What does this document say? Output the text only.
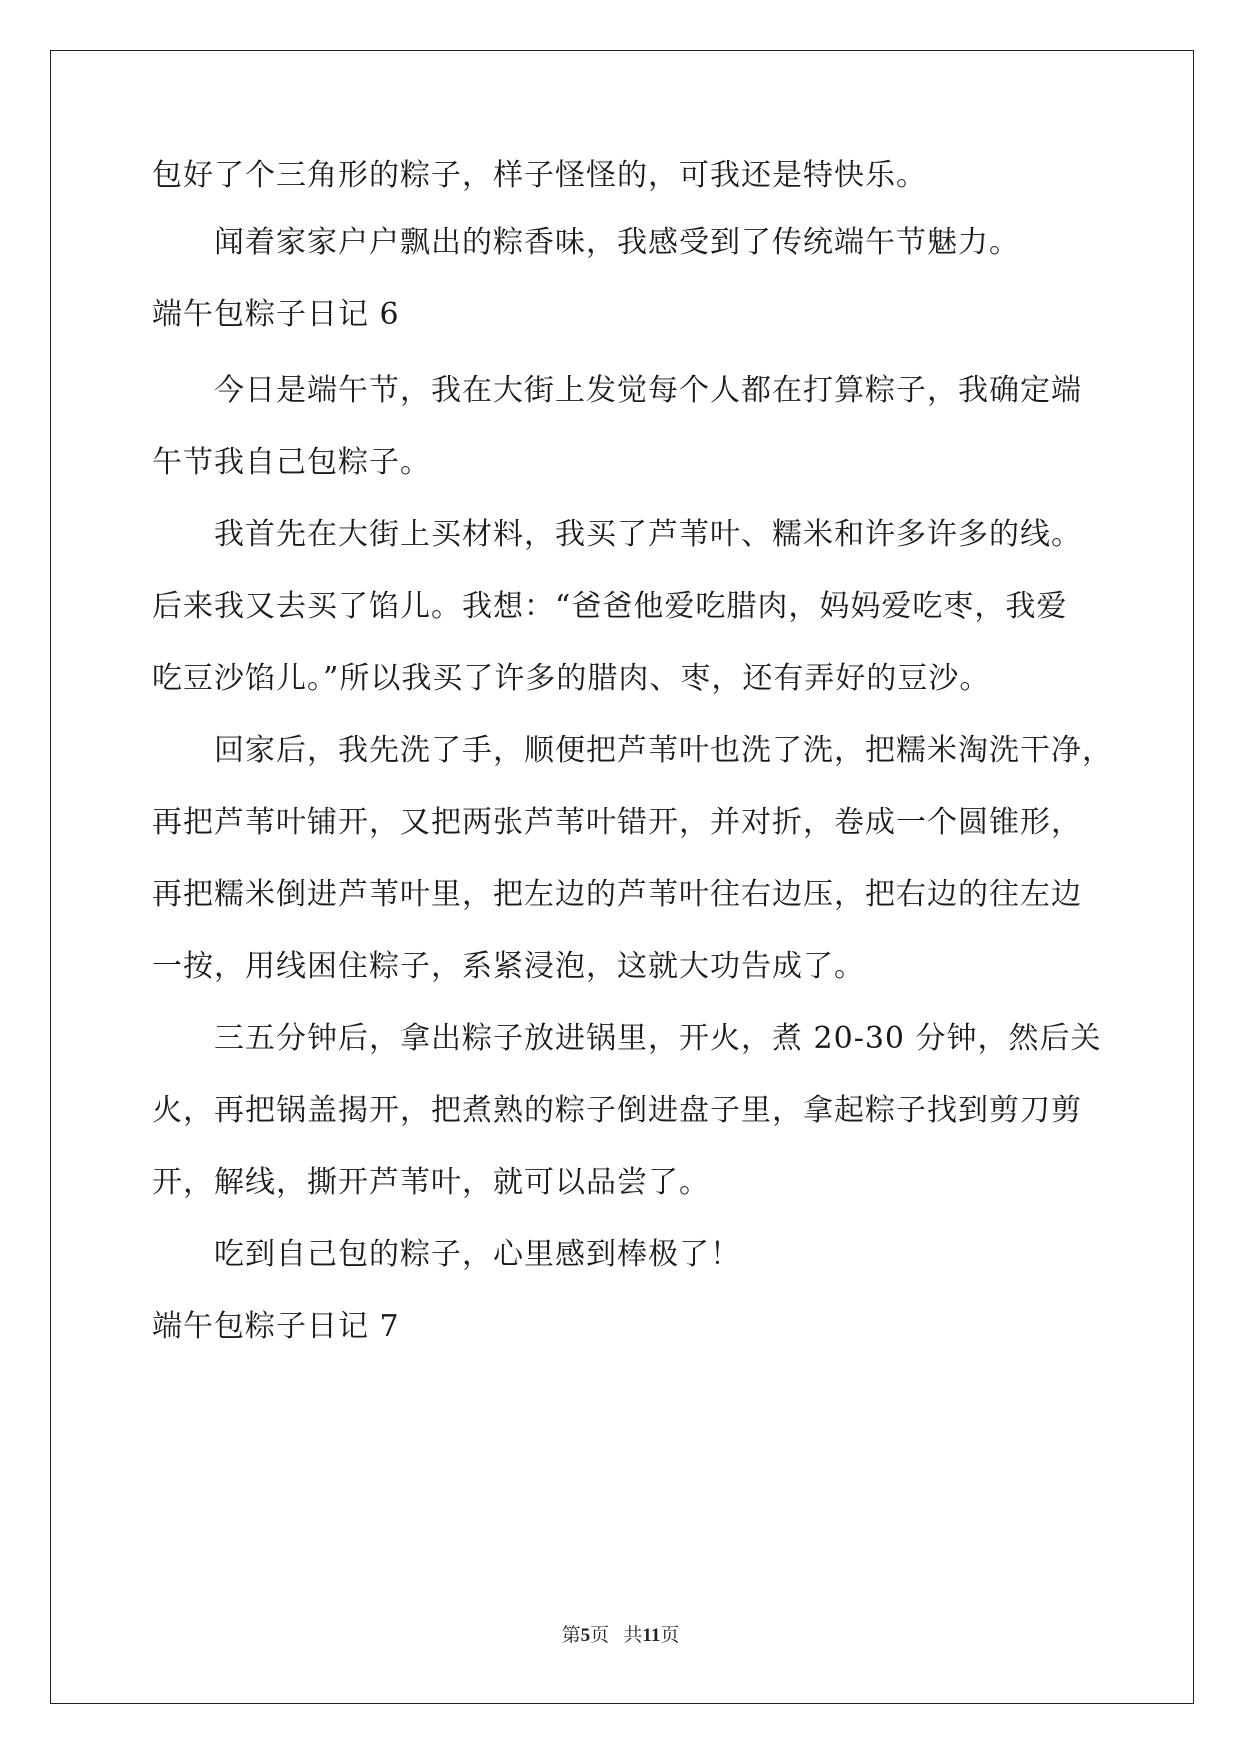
包好了个三角形的粽子，样子怪怪的，可我还是特快乐。
闻着家家户户飘出的粽香味，我感受到了传统端午节魅力。
端午包粽子日记 6
今日是端午节，我在大街上发觉每个人都在打算粽子，我确定端
午节我自己包粽子。
我首先在大街上买材料，我买了芦苇叶、糯米和许多许多的线。
后来我又去买了馅儿。我想：“爸爸他爱吃腊肉，妈妈爱吃枣，我爱
吃豆沙馅儿。”所以我买了许多的腊肉、枣，还有弄好的豆沙。
回家后，我先洗了手，顺便把芦苇叶也洗了洗，把糯米淘洗干净，
再把芦苇叶铺开，又把两张芦苇叶错开，并对折，卷成一个圆锥形，
再把糯米倒进芦苇叶里，把左边的芦苇叶往右边压，把右边的往左边
一按，用线困住粽子，系紧浸泡，这就大功告成了。
三五分钟后，拿出粽子放进锅里，开火，煮 20-30 分钟，然后关
火，再把锅盖揭开，把煮熟的粽子倒进盘子里，拿起粽子找到剪刀剪
开，解线，撕开芦苇叶，就可以品尝了。
吃到自己包的粽子，心里感到棒极了！
端午包粽子日记 7
第5页 共11页
